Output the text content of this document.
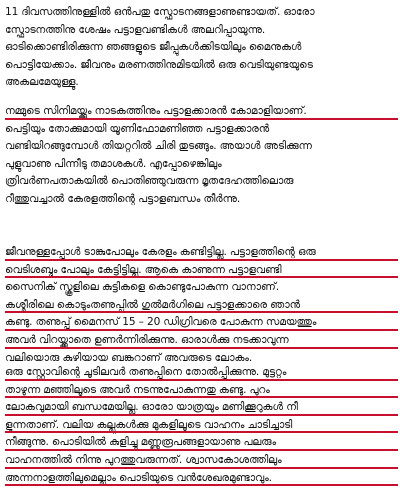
11 ദിവസത്തിനുള്ളിൽ ഒൻപതു സ്ഫോടനങ്ങളാണുണ്ടായത്. ഓരോ
സ്ഫോടനത്തിനു ശേഷം പട്ടാളവണ്ടികൾ അലറിപ്പായുന്നു.
ഓടിക്കൊണ്ടിരിക്കുന്ന ഞങ്ങളുടെ ജീപ്പുകൾക്കിടയിലും മൈനുകൾ
പൊട്ടിയേക്കാം. ജീവനും മരണത്തിനുമിടയിൽ ഒരു വെടിയുണ്ടയുടെ
അകലമേയുള്ളു.
നമ്മുടെ സിനിമയ്ക്കും നാടകത്തിനും പട്ടാളക്കാരൻ കോമാളിയാണ്.
പെട്ടിയും തോക്കുമായി യൂണിഫോമണിഞ്ഞ പട്ടാളക്കാരൻ
വണ്ടിയിറങ്ങുമ്പോൾ തിയറ്ററിൽ ചിരി തുടങ്ങും. അയാൾ അടിക്കുന്ന
പുളുവാണു പിന്നീടു തമാശകൾ. എപ്പോഴെങ്കിലും
ത്രിവർണപതാകയിൽ പൊതിഞ്ഞുവരുന്ന മൃതദേഹത്തിലൊരു
റീത്തുവച്ചാൽ കേരളത്തിന്റെ പട്ടാളബന്ധം തീർന്നു.
ജീവനുള്ളപ്പോൾ ടാങ്കുപോലും കേരളം കണ്ടിട്ടില്ല. പട്ടാളത്തിന്റെ ഒരു
വെടിശബ്ദം പോലും കേട്ടിട്ടില്ല. ആകെ കാണുന്ന പട്ടാളവണ്ടി
സൈനിക് സ്കൂളിലെ കുട്ടികളെ കൊണ്ടുപോകുന്ന വാനാണ്.
കശ്മീരിലെ കൊടുംതണുപ്പിൽ ഗുൽമർഗിലെ പട്ടാളക്കാരെ ഞാൻ
കണ്ടു. തണുപ്പ് മൈനസ് 15 – 20 ഡിഗ്രിവരെ പോകുന്ന സമയത്തും
അവർ വിറയ്ക്കാതെ ഉണർന്നിരിക്കുന്നു. ഓരാൾക്കു നടക്കാവുന്ന
വലിയൊരു കുഴിയായ ബങ്കറാണ് അവരുടെ ലോകം.
ഒരു സ്റ്റോവിന്റെ ചൂടിലവർ തണുപ്പിനെ തോൽപ്പിക്കുന്നു. മുട്ടറ്റം
താഴുന്ന മഞ്ഞിലൂടെ അവർ നടന്നുപോകുന്നതു കണ്ടു. പുറം
ലോകവുമായി ബന്ധമേയില്ല. ഓരോ യാത്രയും മണിക്കൂറുകൾ നീ
ളുന്നതാണ്. വലിയ കല്ലുകൾക്കു മുകളിലൂടെ വാഹനം ചാടിച്ചാടി
നീങ്ങുന്നു. പൊടിയിൽ കുളിച്ചു മണ്ണുരൂപങ്ങളായാണു പലരും
വാഹനത്തിൽ നിന്നു പുറത്തുവരുന്നത്. ശ്വാസകോശത്തിലും
അന്നനാളത്തിലുമെല്ലാം പൊടിയുടെ വൻശേഖരമുണ്ടാവും.
